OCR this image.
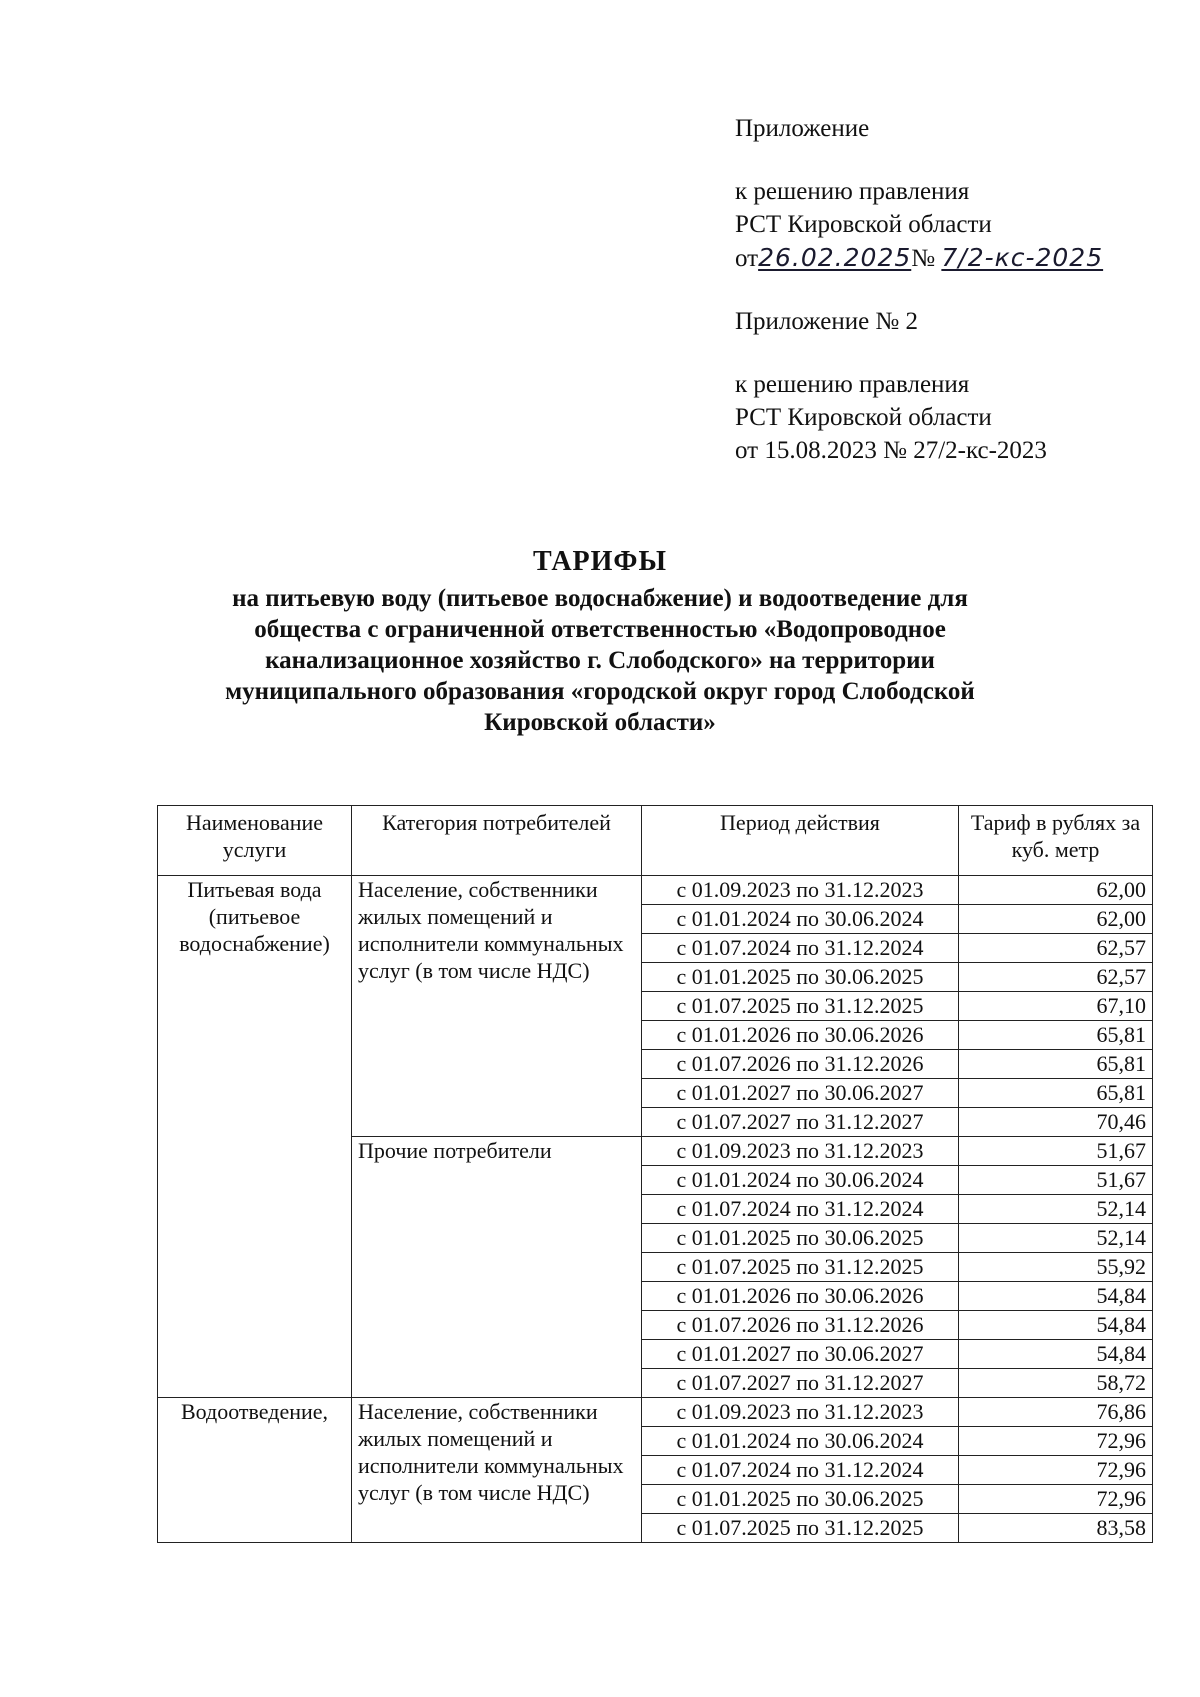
Приложение

к решению правления

РСТ Кировской области

от26.02.2025№ 7/2-кс-2025

Приложение № 2

к решению правления

РСТ Кировской области

от 15.08.2023 № 27/2-кс-2023

ТАРИФЫ

на питьевую воду (питьевое водоснабжение) и водоотведение для
общества с ограниченной ответственностью «Водопроводное
канализационное хозяйство г. Слободского» на территории
муниципального образования «городской округ город Слободской
Кировской области»

Наименование услуги	Категория потребителей	Период действия	Тариф в рублях за куб. метр
Питьевая вода (питьевое водоснабжение)	Население, собственники жилых помещений и исполнители коммунальных услуг (в том числе НДС)	с 01.09.2023 по 31.12.2023	62,00
		с 01.01.2024 по 30.06.2024	62,00
		с 01.07.2024 по 31.12.2024	62,57
		с 01.01.2025 по 30.06.2025	62,57
		с 01.07.2025 по 31.12.2025	67,10
		с 01.01.2026 по 30.06.2026	65,81
		с 01.07.2026 по 31.12.2026	65,81
		с 01.01.2027 по 30.06.2027	65,81
		с 01.07.2027 по 31.12.2027	70,46
	Прочие потребители	с 01.09.2023 по 31.12.2023	51,67
		с 01.01.2024 по 30.06.2024	51,67
		с 01.07.2024 по 31.12.2024	52,14
		с 01.01.2025 по 30.06.2025	52,14
		с 01.07.2025 по 31.12.2025	55,92
		с 01.01.2026 по 30.06.2026	54,84
		с 01.07.2026 по 31.12.2026	54,84
		с 01.01.2027 по 30.06.2027	54,84
		с 01.07.2027 по 31.12.2027	58,72
Водоотведение,	Население, собственники жилых помещений и исполнители коммунальных услуг (в том числе НДС)	с 01.09.2023 по 31.12.2023	76,86
		с 01.01.2024 по 30.06.2024	72,96
		с 01.07.2024 по 31.12.2024	72,96
		с 01.01.2025 по 30.06.2025	72,96
		с 01.07.2025 по 31.12.2025	83,58
